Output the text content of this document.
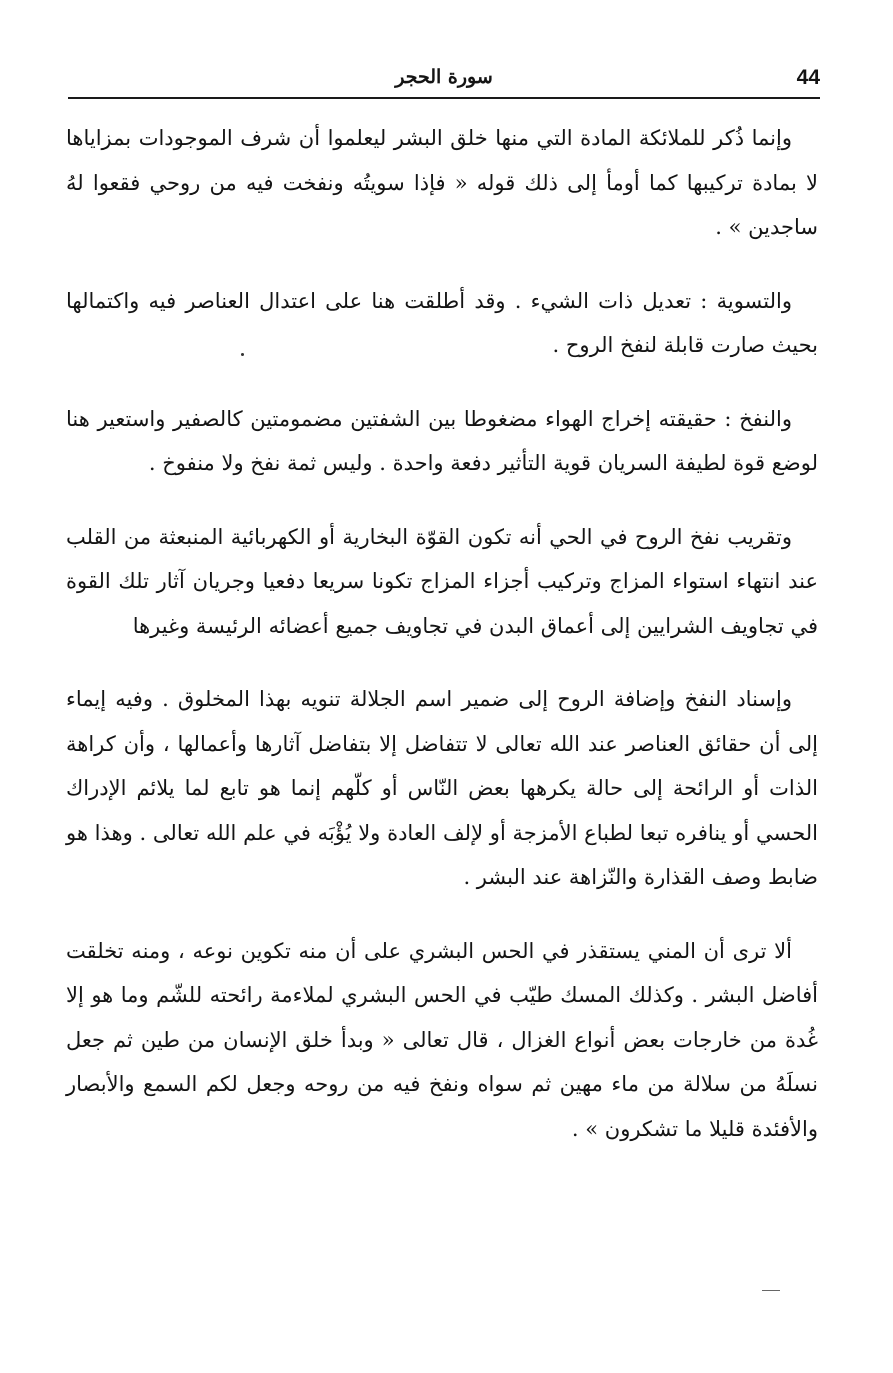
سورة الحجر	44

وإنما ذُكر للملائكة المادة التي منها خلق البشر ليعلموا أن شرف الموجودات بمزاياها لا بمادة تركيبها كما أومأ إلى ذلك قوله « فإذا سويتُه ونفخت فيه من روحي فقعوا لهُ ساجدين » .

والتسوية : تعديل ذات الشيء . وقد أطلقت هنا على اعتدال العناصر فيه واكتمالها بحيث صارت قابلة لنفخ الروح .

والنفخ : حقيقته إخراج الهواء مضغوطا بين الشفتين مضمومتين كالصفير واستعير هنا لوضع قوة لطيفة السريان قوية التأثير دفعة واحدة . وليس ثمة نفخ ولا منفوخ .

وتقريب نفخ الروح في الحي أنه تكون القوّة البخارية أو الكهربائية المنبعثة من القلب عند انتهاء استواء المزاج وتركيب أجزاء المزاج تكونا سريعا دفعيا وجريان آثار تلك القوة في تجاويف الشرايين إلى أعماق البدن في تجاويف جميع أعضائه الرئيسة وغيرها

وإسناد النفخ وإضافة الروح إلى ضمير اسم الجلالة تنويه بهذا المخلوق . وفيه إيماء إلى أن حقائق العناصر عند الله تعالى لا تتفاضل إلا بتفاضل آثارها وأعمالها ، وأن كراهة الذات أو الرائحة إلى حالة يكرهها بعض النّاس أو كلّهم إنما هو تابع لما يلائم الإدراك الحسي أو ينافره تبعا لطباع الأمزجة أو لإلف العادة ولا يُؤْبَه في علم الله تعالى . وهذا هو ضابط وصف القذارة والنّزاهة عند البشر .

ألا ترى أن المني يستقذر في الحس البشري على أن منه تكوين نوعه ، ومنه تخلقت أفاضل البشر . وكذلك المسك طيّب في الحس البشري لملاءمة رائحته للشّم وما هو إلا غُدة من خارجات بعض أنواع الغزال ، قال تعالى « وبدأ خلق الإنسان من طين ثم جعل نسلَهُ من سلالة من ماء مهين ثم سواه ونفخ فيه من روحه وجعل لكم السمع والأبصار والأفئدة قليلا ما تشكرون » .
